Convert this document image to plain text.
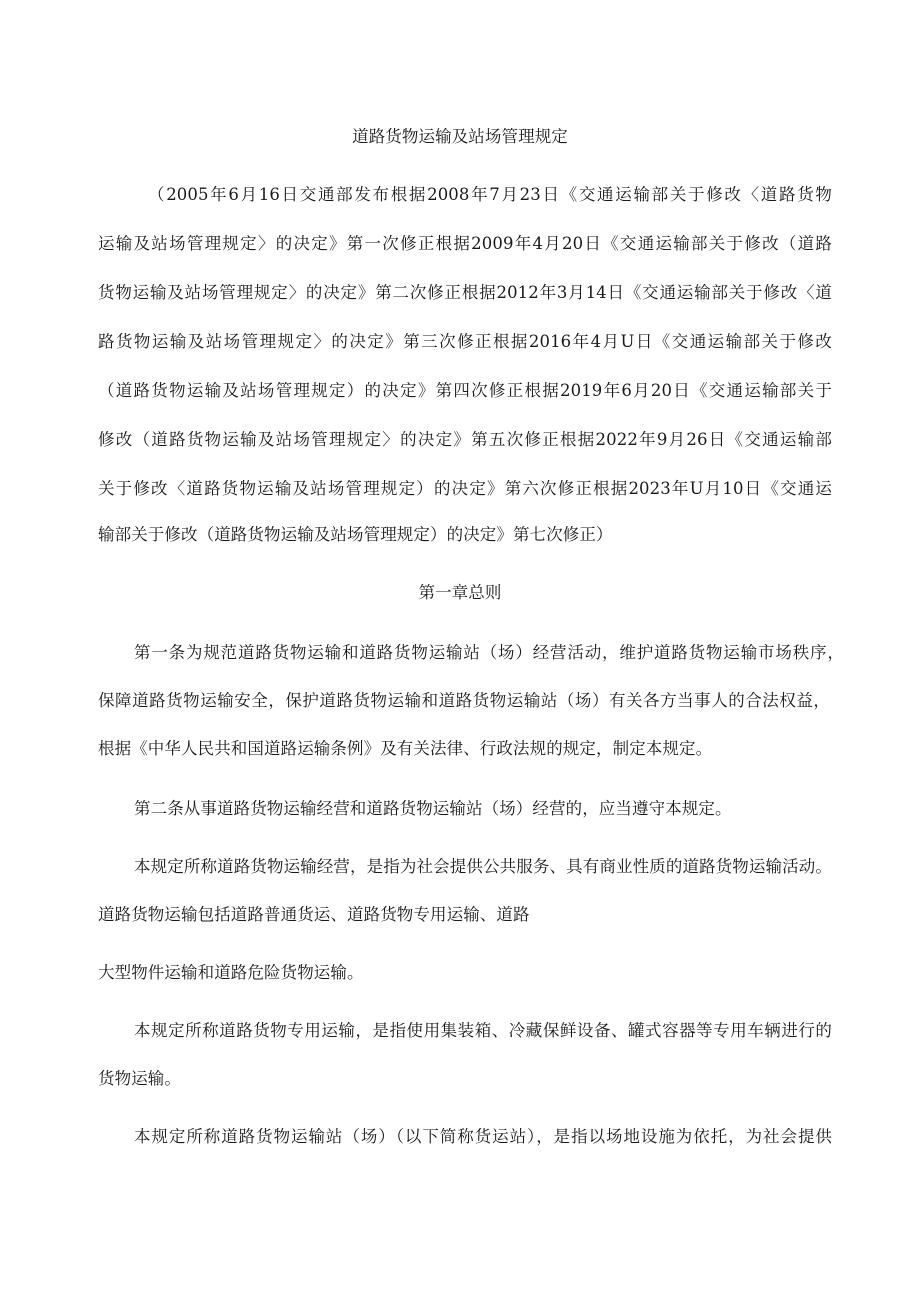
道路货物运输及站场管理规定
（2005年6月16日交通部发布根据2008年7月23日《交通运输部关于修改〈道路货物
运输及站场管理规定〉的决定》第一次修正根据2009年4月20日《交通运输部关于修改（道路
货物运输及站场管理规定〉的决定》第二次修正根据2012年3月14日《交通运输部关于修改〈道
路货物运输及站场管理规定〉的决定》第三次修正根据2016年4月U日《交通运输部关于修改
（道路货物运输及站场管理规定）的决定》第四次修正根据2019年6月20日《交通运输部关于
修改（道路货物运输及站场管理规定〉的决定》第五次修正根据2022年9月26日《交通运输部
关于修改〈道路货物运输及站场管理规定）的决定》第六次修正根据2023年U月10日《交通运
输部关于修改（道路货物运输及站场管理规定）的决定》第七次修正）
第一章总则
第一条为规范道路货物运输和道路货物运输站（场）经营活动，维护道路货物运输市场秩序，
保障道路货物运输安全，保护道路货物运输和道路货物运输站（场）有关各方当事人的合法权益，
根据《中华人民共和国道路运输条例》及有关法律、行政法规的规定，制定本规定。
第二条从事道路货物运输经营和道路货物运输站（场）经营的，应当遵守本规定。
本规定所称道路货物运输经营，是指为社会提供公共服务、具有商业性质的道路货物运输活动。
道路货物运输包括道路普通货运、道路货物专用运输、道路
大型物件运输和道路危险货物运输。
本规定所称道路货物专用运输，是指使用集装箱、冷藏保鲜设备、罐式容器等专用车辆进行的
货物运输。
本规定所称道路货物运输站（场）（以下简称货运站），是指以场地设施为依托，为社会提供
